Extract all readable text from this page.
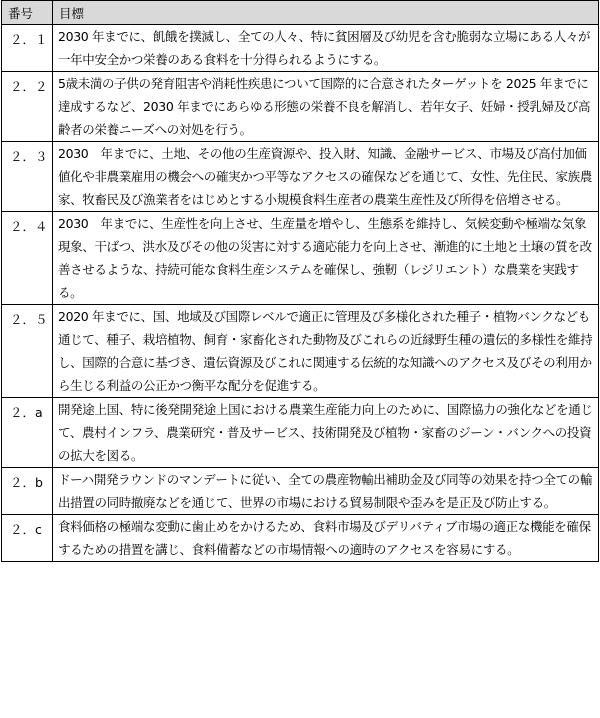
番号	目標
２．１	2030 年までに、飢餓を撲滅し、全ての人々、特に貧困層及び幼児を含む脆弱な立場にある人々が一年中安全かつ栄養のある食料を十分得られるようにする。
２．２	5歳未満の子供の発育阻害や消耗性疾患について国際的に合意されたターゲットを 2025 年までに達成するなど、2030 年までにあらゆる形態の栄養不良を解消し、若年女子、妊婦・授乳婦及び高齢者の栄養ニーズへの対処を行う。
２．３	2030　年までに、土地、その他の生産資源や、投入財、知識、金融サービス、市場及び高付加価値化や非農業雇用の機会への確実かつ平等なアクセスの確保などを通じて、女性、先住民、家族農家、牧畜民及び漁業者をはじめとする小規模食料生産者の農業生産性及び所得を倍増させる。
２．４	2030　年までに、生産性を向上させ、生産量を増やし、生態系を維持し、気候変動や極端な気象現象、干ばつ、洪水及びその他の災害に対する適応能力を向上させ、漸進的に土地と土壌の質を改善させるような、持続可能な食料生産システムを確保し、強靭（レジリエント）な農業を実践する。
２．５	2020 年までに、国、地域及び国際レベルで適正に管理及び多様化された種子・植物バンクなども通じて、種子、栽培植物、飼育・家畜化された動物及びこれらの近縁野生種の遺伝的多様性を維持し、国際的合意に基づき、遺伝資源及びこれに関連する伝統的な知識へのアクセス及びその利用から生じる利益の公正かつ衡平な配分を促進する。
２．a	開発途上国、特に後発開発途上国における農業生産能力向上のために、国際協力の強化などを通じて、農村インフラ、農業研究・普及サービス、技術開発及び植物・家畜のジーン・バンクへの投資の拡大を図る。
２．b	ドーハ開発ラウンドのマンデートに従い、全ての農産物輸出補助金及び同等の効果を持つ全ての輸出措置の同時撤廃などを通じて、世界の市場における貿易制限や歪みを是正及び防止する。
２．c	食料価格の極端な変動に歯止めをかけるため、食料市場及びデリバティブ市場の適正な機能を確保するための措置を講じ、食料備蓄などの市場情報への適時のアクセスを容易にする。
